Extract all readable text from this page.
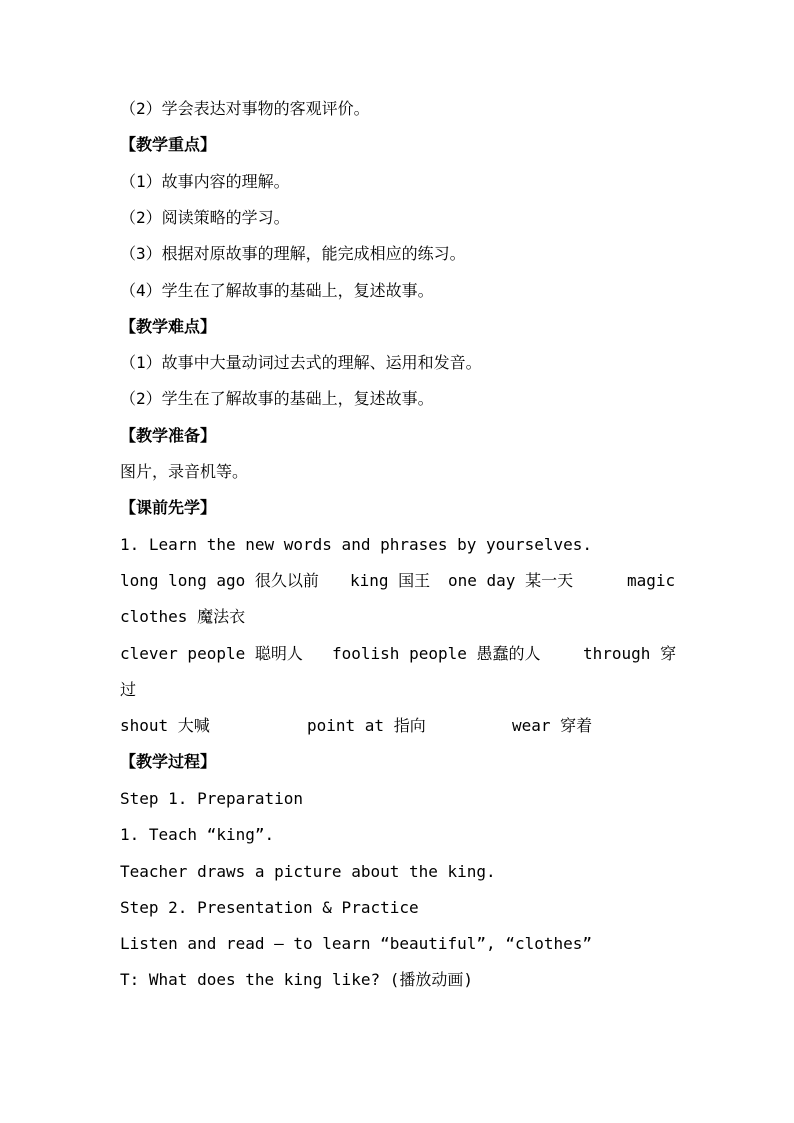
（2）学会表达对事物的客观评价。
【教学重点】
（1）故事内容的理解。
（2）阅读策略的学习。
（3）根据对原故事的理解，能完成相应的练习。
（4）学生在了解故事的基础上，复述故事。
【教学难点】
（1）故事中大量动词过去式的理解、运用和发音。
（2）学生在了解故事的基础上，复述故事。
【教学准备】
图片，录音机等。
【课前先学】
1. Learn the new words and phrases by yourselves.
long long ago 很久以前 king 国王 one day 某一天	magic
clothes 魔法衣
clever people 聪明人 foolish people 愚蠢的人	through 穿
过
shout 大喊	point at 指向	wear 穿着
【教学过程】
Step 1. Preparation
1. Teach “king”.
Teacher draws a picture about the king.
Step 2. Presentation & Practice
Listen and read — to learn “beautiful”, “clothes”
T: What does the king like? (播放动画)
